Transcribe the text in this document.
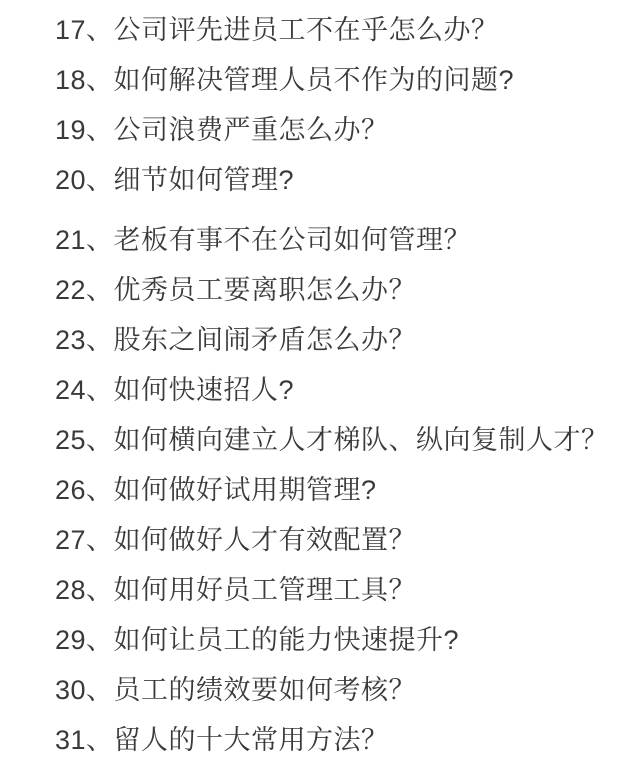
17、公司评先进员工不在乎怎么办？
18、如何解决管理人员不作为的问题?
19、公司浪费严重怎么办？
20、细节如何管理?
21、老板有事不在公司如何管理？
22、优秀员工要离职怎么办？
23、股东之间闹矛盾怎么办？
24、如何快速招人?
25、如何横向建立人才梯队、纵向复制人才？
26、如何做好试用期管理?
27、如何做好人才有效配置？
28、如何用好员工管理工具？
29、如何让员工的能力快速提升?
30、员工的绩效要如何考核？
31、留人的十大常用方法？
